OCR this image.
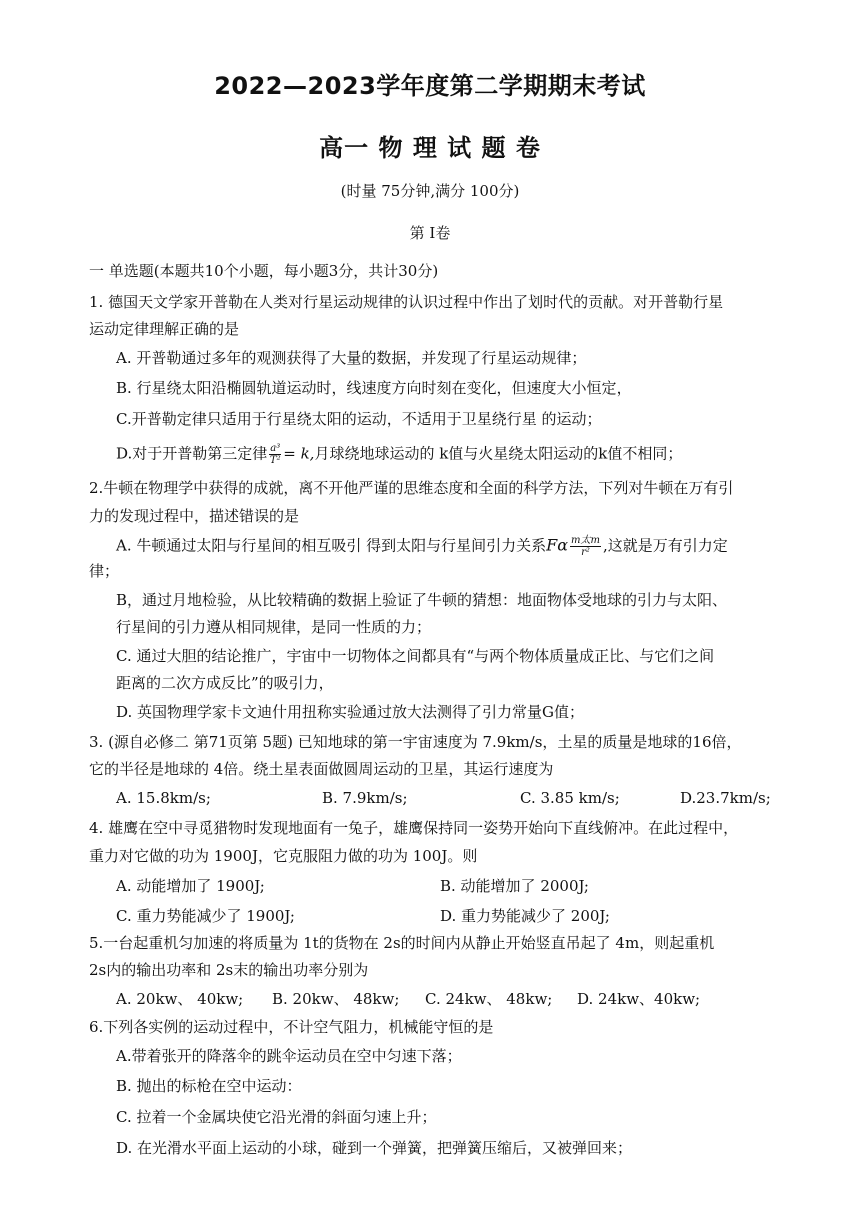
2022—2023学年度第二学期期末考试
高一 物 理 试 题 卷
(时量 75分钟,满分 100分)
第 I卷
一 单选题(本题共10个小题，每小题3分，共计30分)
1. 德国天文学家开普勒在人类对行星运动规律的认识过程中作出了划时代的贡献。对开普勒行星
运动定律理解正确的是
A. 开普勒通过多年的观测获得了大量的数据，并发现了行星运动规律；
B. 行星绕太阳沿椭圆轨道运动时，线速度方向时刻在变化，但速度大小恒定，
C.开普勒定律只适用于行星绕太阳的运动，不适用于卫星绕行星 的运动；
D.对于开普勒第三定律 $\frac{\text{a³}}{\text{T²}} = k$,月球绕地球运动的 k值与火星绕太阳运动的k值不相同；
2.牛顿在物理学中获得的成就，离不开他严谨的思维态度和全面的科学方法，下列对牛顿在万有引
力的发现过程中，描述错误的是
A. 牛顿通过太阳与行星间的相互吸引 得到太阳与行星间引力关系Fα $\frac{\text{m太m}}{\text{r²}}$ ,这就是万有引力定
律；
B，通过月地检验，从比较精确的数据上验证了牛顿的猜想：地面物体受地球的引力与太阳、
行星间的引力遵从相同规律，是同一性质的力；
C. 通过大胆的结论推广，宇宙中一切物体之间都具有“与两个物体质量成正比、与它们之间
距离的二次方成反比”的吸引力，
D. 英国物理学家卡文迪什用扭称实验通过放大法测得了引力常量G值；
3. (源自必修二 第71页第 5题) 已知地球的第一宇宙速度为 7.9km/s，土星的质量是地球的16倍，
它的半径是地球的 4倍。绕土星表面做圆周运动的卫星，其运行速度为
A. 15.8km/s;	B. 7.9km/s;	C. 3.85 km/s;	D.23.7km/s;
4. 雄鹰在空中寻觅猎物时发现地面有一兔子，雄鹰保持同一姿势开始向下直线俯冲。在此过程中，
重力对它做的功为 1900J，它克服阻力做的功为 100J。则
A. 动能增加了 1900J;	B. 动能增加了 2000J;
C. 重力势能减少了 1900J;	D. 重力势能减少了 200J;
5.一台起重机匀加速的将质量为 1t的货物在 2s的时间内从静止开始竖直吊起了 4m，则起重机
2s内的输出功率和 2s末的输出功率分别为
A. 20kw、 40kw; B. 20kw、 48kw; C. 24kw、 48kw; D. 24kw、40kw;
6.下列各实例的运动过程中，不计空气阻力，机械能守恒的是
A.带着张开的降落伞的跳伞运动员在空中匀速下落；
B. 抛出的标枪在空中运动：
C. 拉着一个金属块使它沿光滑的斜面匀速上升；
D. 在光滑水平面上运动的小球，碰到一个弹簧，把弹簧压缩后，又被弹回来；
